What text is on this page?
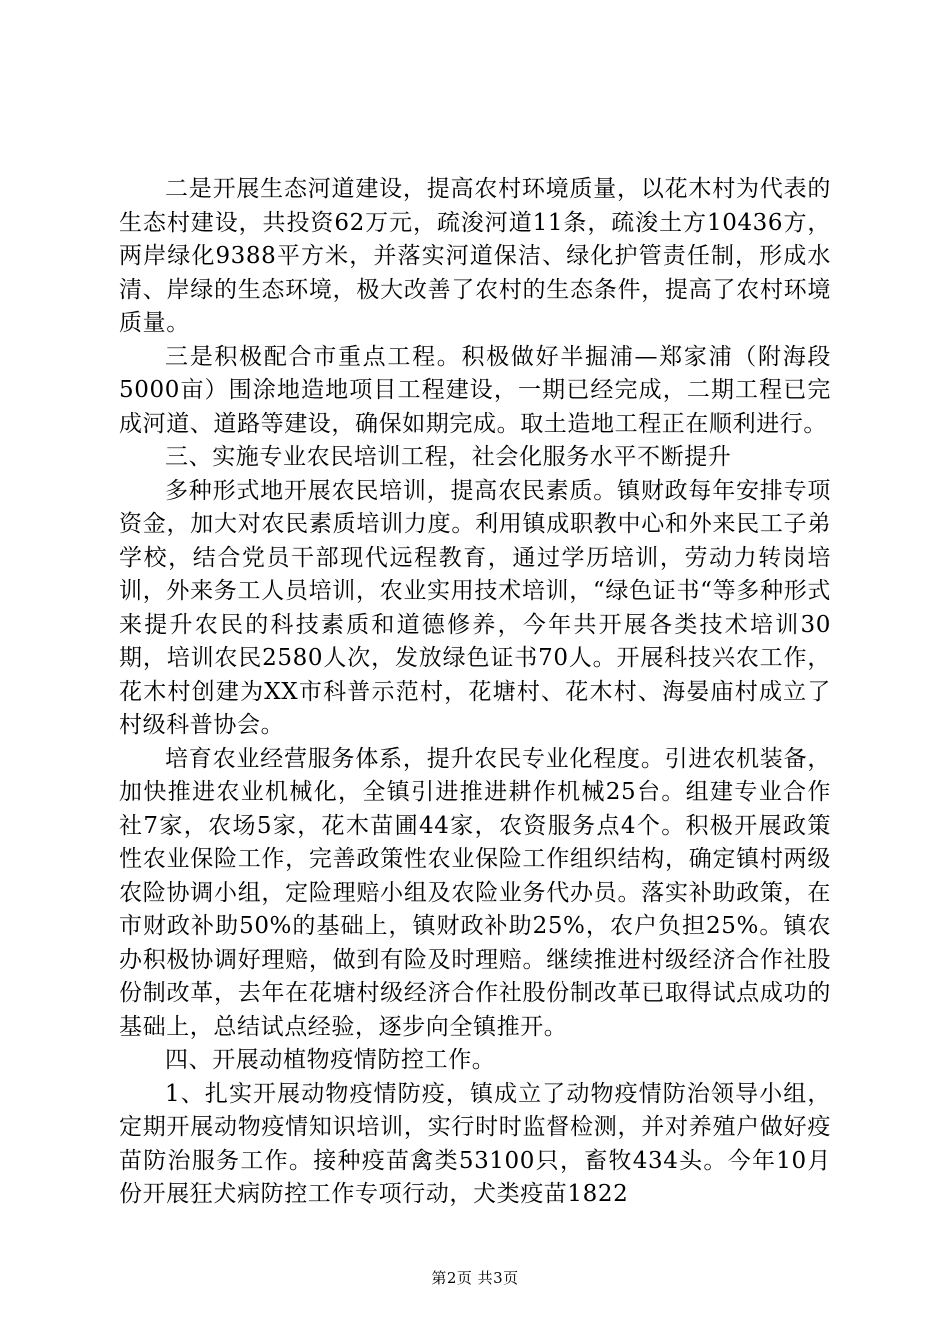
二是开展生态河道建设，提高农村环境质量，以花木村为代表的生态村建设，共投资62万元，疏浚河道11条，疏浚土方10436方，两岸绿化9388平方米，并落实河道保洁、绿化护管责任制，形成水清、岸绿的生态环境，极大改善了农村的生态条件，提高了农村环境质量。

三是积极配合市重点工程。积极做好半掘浦—郑家浦（附海段5000亩）围涂地造地项目工程建设，一期已经完成，二期工程已完成河道、道路等建设，确保如期完成。取土造地工程正在顺利进行。

三、实施专业农民培训工程，社会化服务水平不断提升

多种形式地开展农民培训，提高农民素质。镇财政每年安排专项资金，加大对农民素质培训力度。利用镇成职教中心和外来民工子弟学校，结合党员干部现代远程教育，通过学历培训，劳动力转岗培训，外来务工人员培训，农业实用技术培训，“绿色证书“等多种形式来提升农民的科技素质和道德修养，今年共开展各类技术培训30期，培训农民2580人次，发放绿色证书70人。开展科技兴农工作，花木村创建为XX市科普示范村，花塘村、花木村、海晏庙村成立了村级科普协会。

培育农业经营服务体系，提升农民专业化程度。引进农机装备，加快推进农业机械化，全镇引进推进耕作机械25台。组建专业合作社7家，农场5家，花木苗圃44家，农资服务点4个。积极开展政策性农业保险工作，完善政策性农业保险工作组织结构，确定镇村两级农险协调小组，定险理赔小组及农险业务代办员。落实补助政策，在市财政补助50%的基础上，镇财政补助25%，农户负担25%。镇农办积极协调好理赔，做到有险及时理赔。继续推进村级经济合作社股份制改革，去年在花塘村级经济合作社股份制改革已取得试点成功的基础上，总结试点经验，逐步向全镇推开。

四、开展动植物疫情防控工作。

1、扎实开展动物疫情防疫，镇成立了动物疫情防治领导小组，定期开展动物疫情知识培训，实行时时监督检测，并对养殖户做好疫苗防治服务工作。接种疫苗禽类53100只，畜牧434头。今年10月份开展狂犬病防控工作专项行动，犬类疫苗1822

第2页 共3页
